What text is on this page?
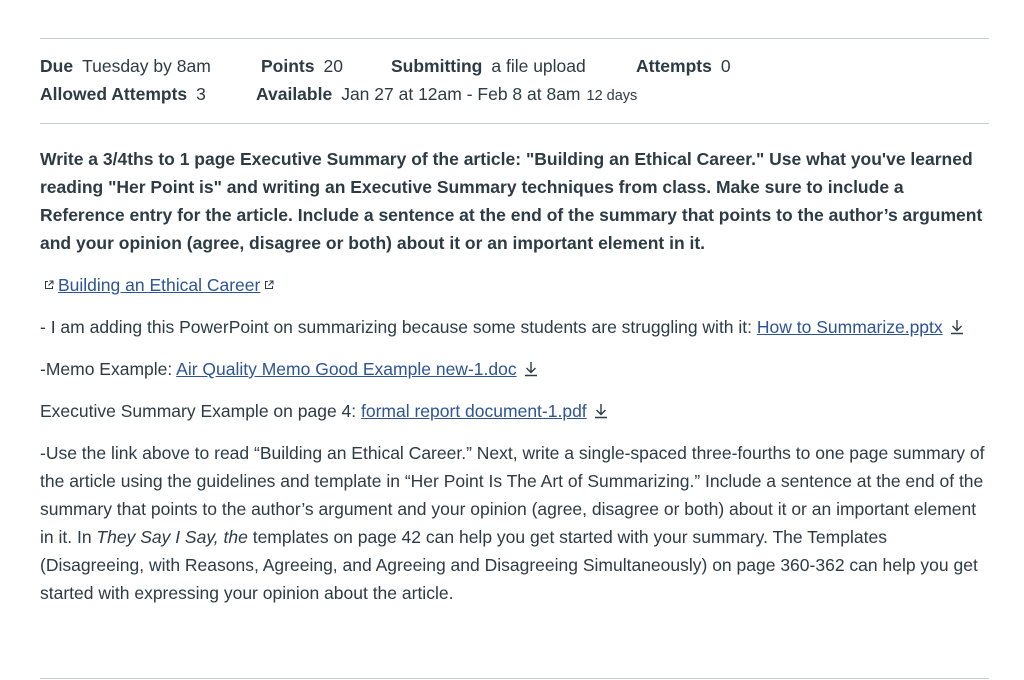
Due Tuesday by 8am	Points 20	Submitting a file upload	Attempts 0
Allowed Attempts 3	Available Jan 27 at 12am - Feb 8 at 8am 12 days

Write a 3/4ths to 1 page Executive Summary of the article: "Building an Ethical Career." Use what you've learned reading "Her Point is" and writing an Executive Summary techniques from class. Make sure to include a Reference entry for the article. Include a sentence at the end of the summary that points to the author’s argument and your opinion (agree, disagree or both) about it or an important element in it.

Building an Ethical Career

- I am adding this PowerPoint on summarizing because some students are struggling with it: How to Summarize.pptx

-Memo Example: Air Quality Memo Good Example new-1.doc

Executive Summary Example on page 4: formal report document-1.pdf

-Use the link above to read “Building an Ethical Career.” Next, write a single-spaced three-fourths to one page summary of the article using the guidelines and template in “Her Point Is The Art of Summarizing.” Include a sentence at the end of the summary that points to the author’s argument and your opinion (agree, disagree or both) about it or an important element in it. In They Say I Say, the templates on page 42 can help you get started with your summary. The Templates (Disagreeing, with Reasons, Agreeing, and Agreeing and Disagreeing Simultaneously) on page 360-362 can help you get started with expressing your opinion about the article.
